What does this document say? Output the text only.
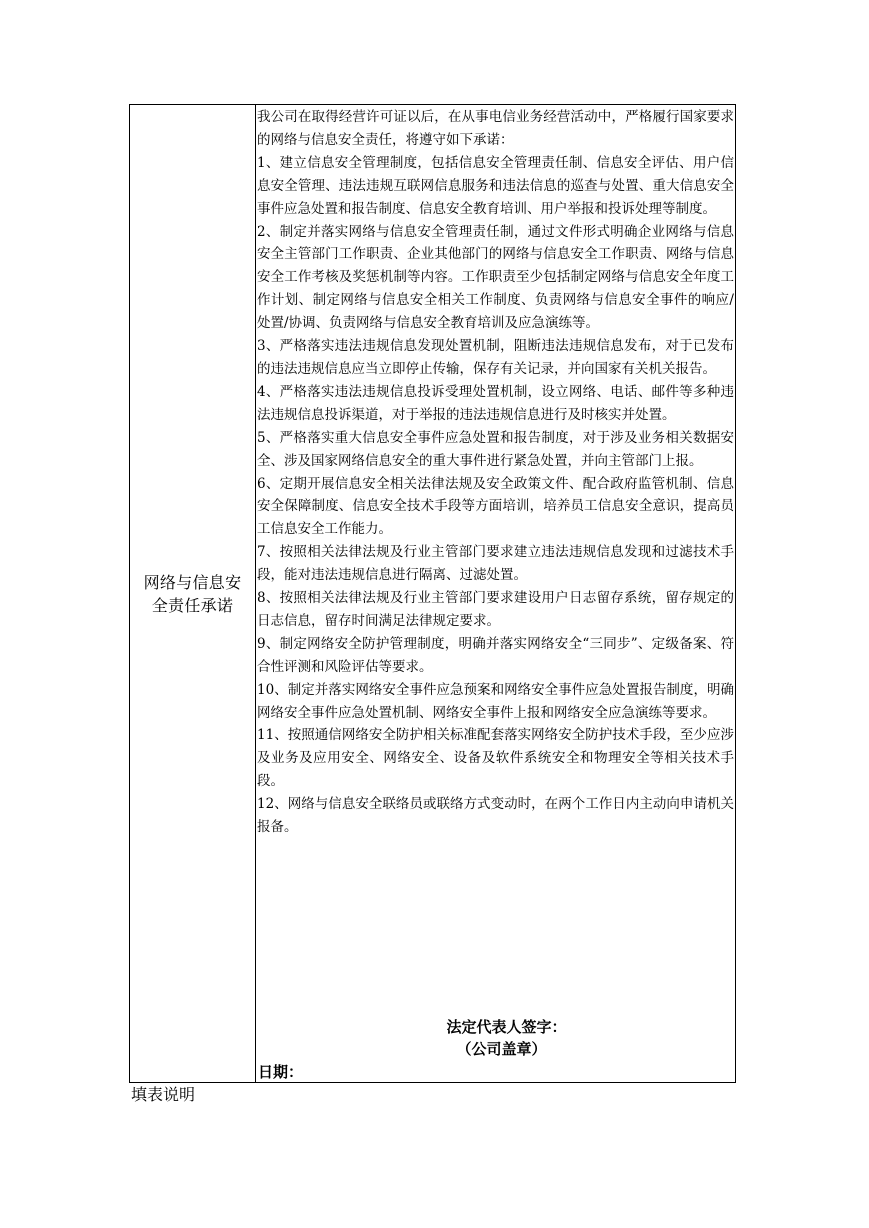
网络与信息安全责任承诺

我公司在取得经营许可证以后，在从事电信业务经营活动中，严格履行国家要求的网络与信息安全责任，将遵守如下承诺：

1、建立信息安全管理制度，包括信息安全管理责任制、信息安全评估、用户信息安全管理、违法违规互联网信息服务和违法信息的巡查与处置、重大信息安全事件应急处置和报告制度、信息安全教育培训、用户举报和投诉处理等制度。

2、制定并落实网络与信息安全管理责任制，通过文件形式明确企业网络与信息安全主管部门工作职责、企业其他部门的网络与信息安全工作职责、网络与信息安全工作考核及奖惩机制等内容。工作职责至少包括制定网络与信息安全年度工作计划、制定网络与信息安全相关工作制度、负责网络与信息安全事件的响应/处置/协调、负责网络与信息安全教育培训及应急演练等。

3、严格落实违法违规信息发现处置机制，阻断违法违规信息发布，对于已发布的违法违规信息应当立即停止传输，保存有关记录，并向国家有关机关报告。

4、严格落实违法违规信息投诉受理处置机制，设立网络、电话、邮件等多种违法违规信息投诉渠道，对于举报的违法违规信息进行及时核实并处置。

5、严格落实重大信息安全事件应急处置和报告制度，对于涉及业务相关数据安全、涉及国家网络信息安全的重大事件进行紧急处置，并向主管部门上报。

6、定期开展信息安全相关法律法规及安全政策文件、配合政府监管机制、信息安全保障制度、信息安全技术手段等方面培训，培养员工信息安全意识，提高员工信息安全工作能力。

7、按照相关法律法规及行业主管部门要求建立违法违规信息发现和过滤技术手段，能对违法违规信息进行隔离、过滤处置。

8、按照相关法律法规及行业主管部门要求建设用户日志留存系统，留存规定的日志信息，留存时间满足法律规定要求。

9、制定网络安全防护管理制度，明确并落实网络安全“三同步”、定级备案、符合性评测和风险评估等要求。

10、制定并落实网络安全事件应急预案和网络安全事件应急处置报告制度，明确网络安全事件应急处置机制、网络安全事件上报和网络安全应急演练等要求。

11、按照通信网络安全防护相关标准配套落实网络安全防护技术手段，至少应涉及业务及应用安全、网络安全、设备及软件系统安全和物理安全等相关技术手段。

12、网络与信息安全联络员或联络方式变动时，在两个工作日内主动向申请机关报备。

法定代表人签字：
（公司盖章）
日期：
填表说明
